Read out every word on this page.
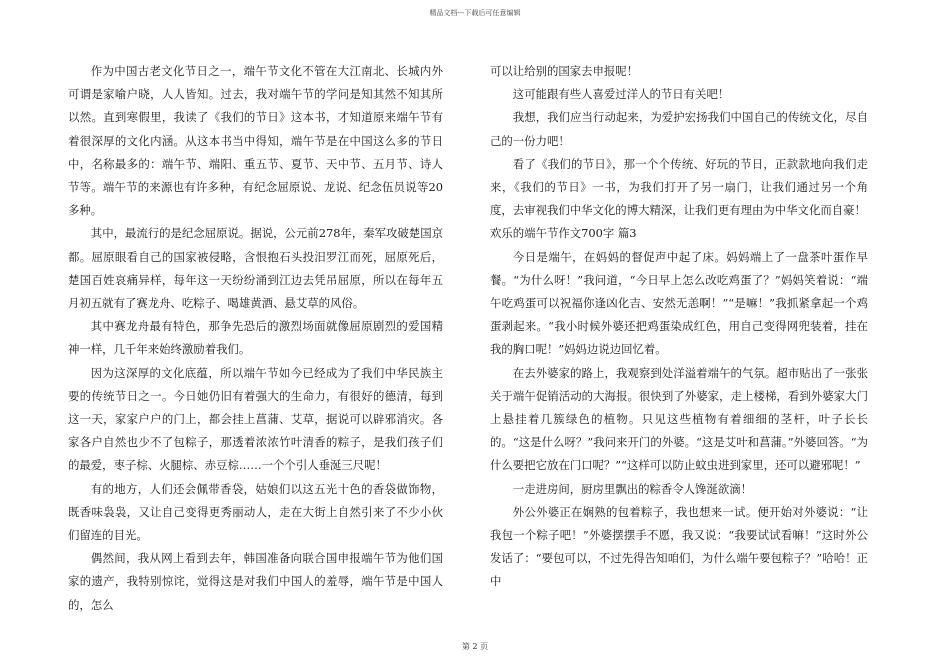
精品文档---下载后可任意编辑

作为中国古老文化节日之一，端午节文化不管在大江南北、长城内外可谓是家喻户晓，人人皆知。过去，我对端午节的学问是知其然不知其所以然。直到寒假里，我读了《我们的节日》这本书，才知道原来端午节有着很深厚的文化内涵。从这本书当中得知，端午节是在中国这么多的节日中，名称最多的：端午节、端阳、重五节、夏节、天中节、五月节、诗人节等。端午节的来源也有许多种，有纪念屈原说、龙说、纪念伍员说等20多种。

其中，最流行的是纪念屈原说。据说，公元前278年，秦军攻破楚国京都。屈原眼看自己的国家被侵略，含恨抱石头投汨罗江而死，屈原死后，楚国百姓哀痛异样，每年这一天纷纷涌到江边去凭吊屈原，所以在每年五月初五就有了赛龙舟、吃粽子、喝雄黄酒、悬艾草的风俗。

其中赛龙舟最有特色，那争先恐后的激烈场面就像屈原剧烈的爱国精神一样，几千年来始终激励着我们。

因为这深厚的文化底蕴，所以端午节如今已经成为了我们中华民族主要的传统节日之一。今日她仍旧有着强大的生命力，有很好的德清，每到这一天，家家户户的门上，都会挂上菖蒲、艾草，据说可以辟邪消灾。各家各户自然也少不了包粽子，那透着浓浓竹叶清香的粽子，是我们孩子们的最爱，枣子棕、火腿棕、赤豆棕……一个个引人垂涎三尺呢！

有的地方，人们还会佩带香袋，姑娘们以这五光十色的香袋做饰物，既香味袅袅，又让自己变得更秀丽动人，走在大街上自然引来了不少小伙们留连的目光。

偶然间，我从网上看到去年，韩国准备向联合国申报端午节为他们国家的遗产，我特别惊诧，觉得这是对我们中国人的羞辱，端午节是中国人的，怎么

可以让给别的国家去申报呢！

这可能跟有些人喜爱过洋人的节日有关吧！

我想，我们应当行动起来，为爱护宏扬我们中国自己的传统文化，尽自己的一份力吧！

看了《我们的节日》，那一个个传统、好玩的节日，正款款地向我们走来，《我们的节日》一书，为我们打开了另一扇门，让我们通过另一个角度，去审视我们中华文化的博大精深，让我们更有理由为中华文化而自豪！

欢乐的端午节作文700字 篇3

今日是端午，在妈妈的督促声中起了床。妈妈端上了一盘茶叶蛋作早餐。“为什么呀！”我问道，“今日早上怎么改吃鸡蛋了？”妈妈笑着说：“端午吃鸡蛋可以祝福你逢凶化吉、安然无恙啊！”“是嘛！”我抓紧拿起一个鸡蛋剥起来。“我小时候外婆还把鸡蛋染成红色，用自己变得网兜装着，挂在我的胸口呢！”妈妈边说边回忆着。

在去外婆家的路上，我观察到处洋溢着端午的气氛。超市贴出了一张张关于端午促销活动的大海报。很快到了外婆家，走上楼梯，看到外婆家大门上悬挂着几簇绿色的植物。只见这些植物有着细细的茎杆，叶子长长的。“这是什么呀？”我问来开门的外婆。“这是艾叶和菖蒲。”外婆回答。“为什么要把它放在门口呢？”“这样可以防止蚊虫进到家里，还可以避邪呢！”

一走进房间，厨房里飘出的粽香令人馋涎欲滴！

外公外婆正在娴熟的包着粽子，我也想来一试。便开始对外婆说：“让我包一个粽子吧！”外婆摆摆手不愿，我又说：“我要试试看嘛！”这时外公发话了：“要包可以，不过先得告知咱们，为什么端午要包粽子？”哈哈！正中

第 2 页
